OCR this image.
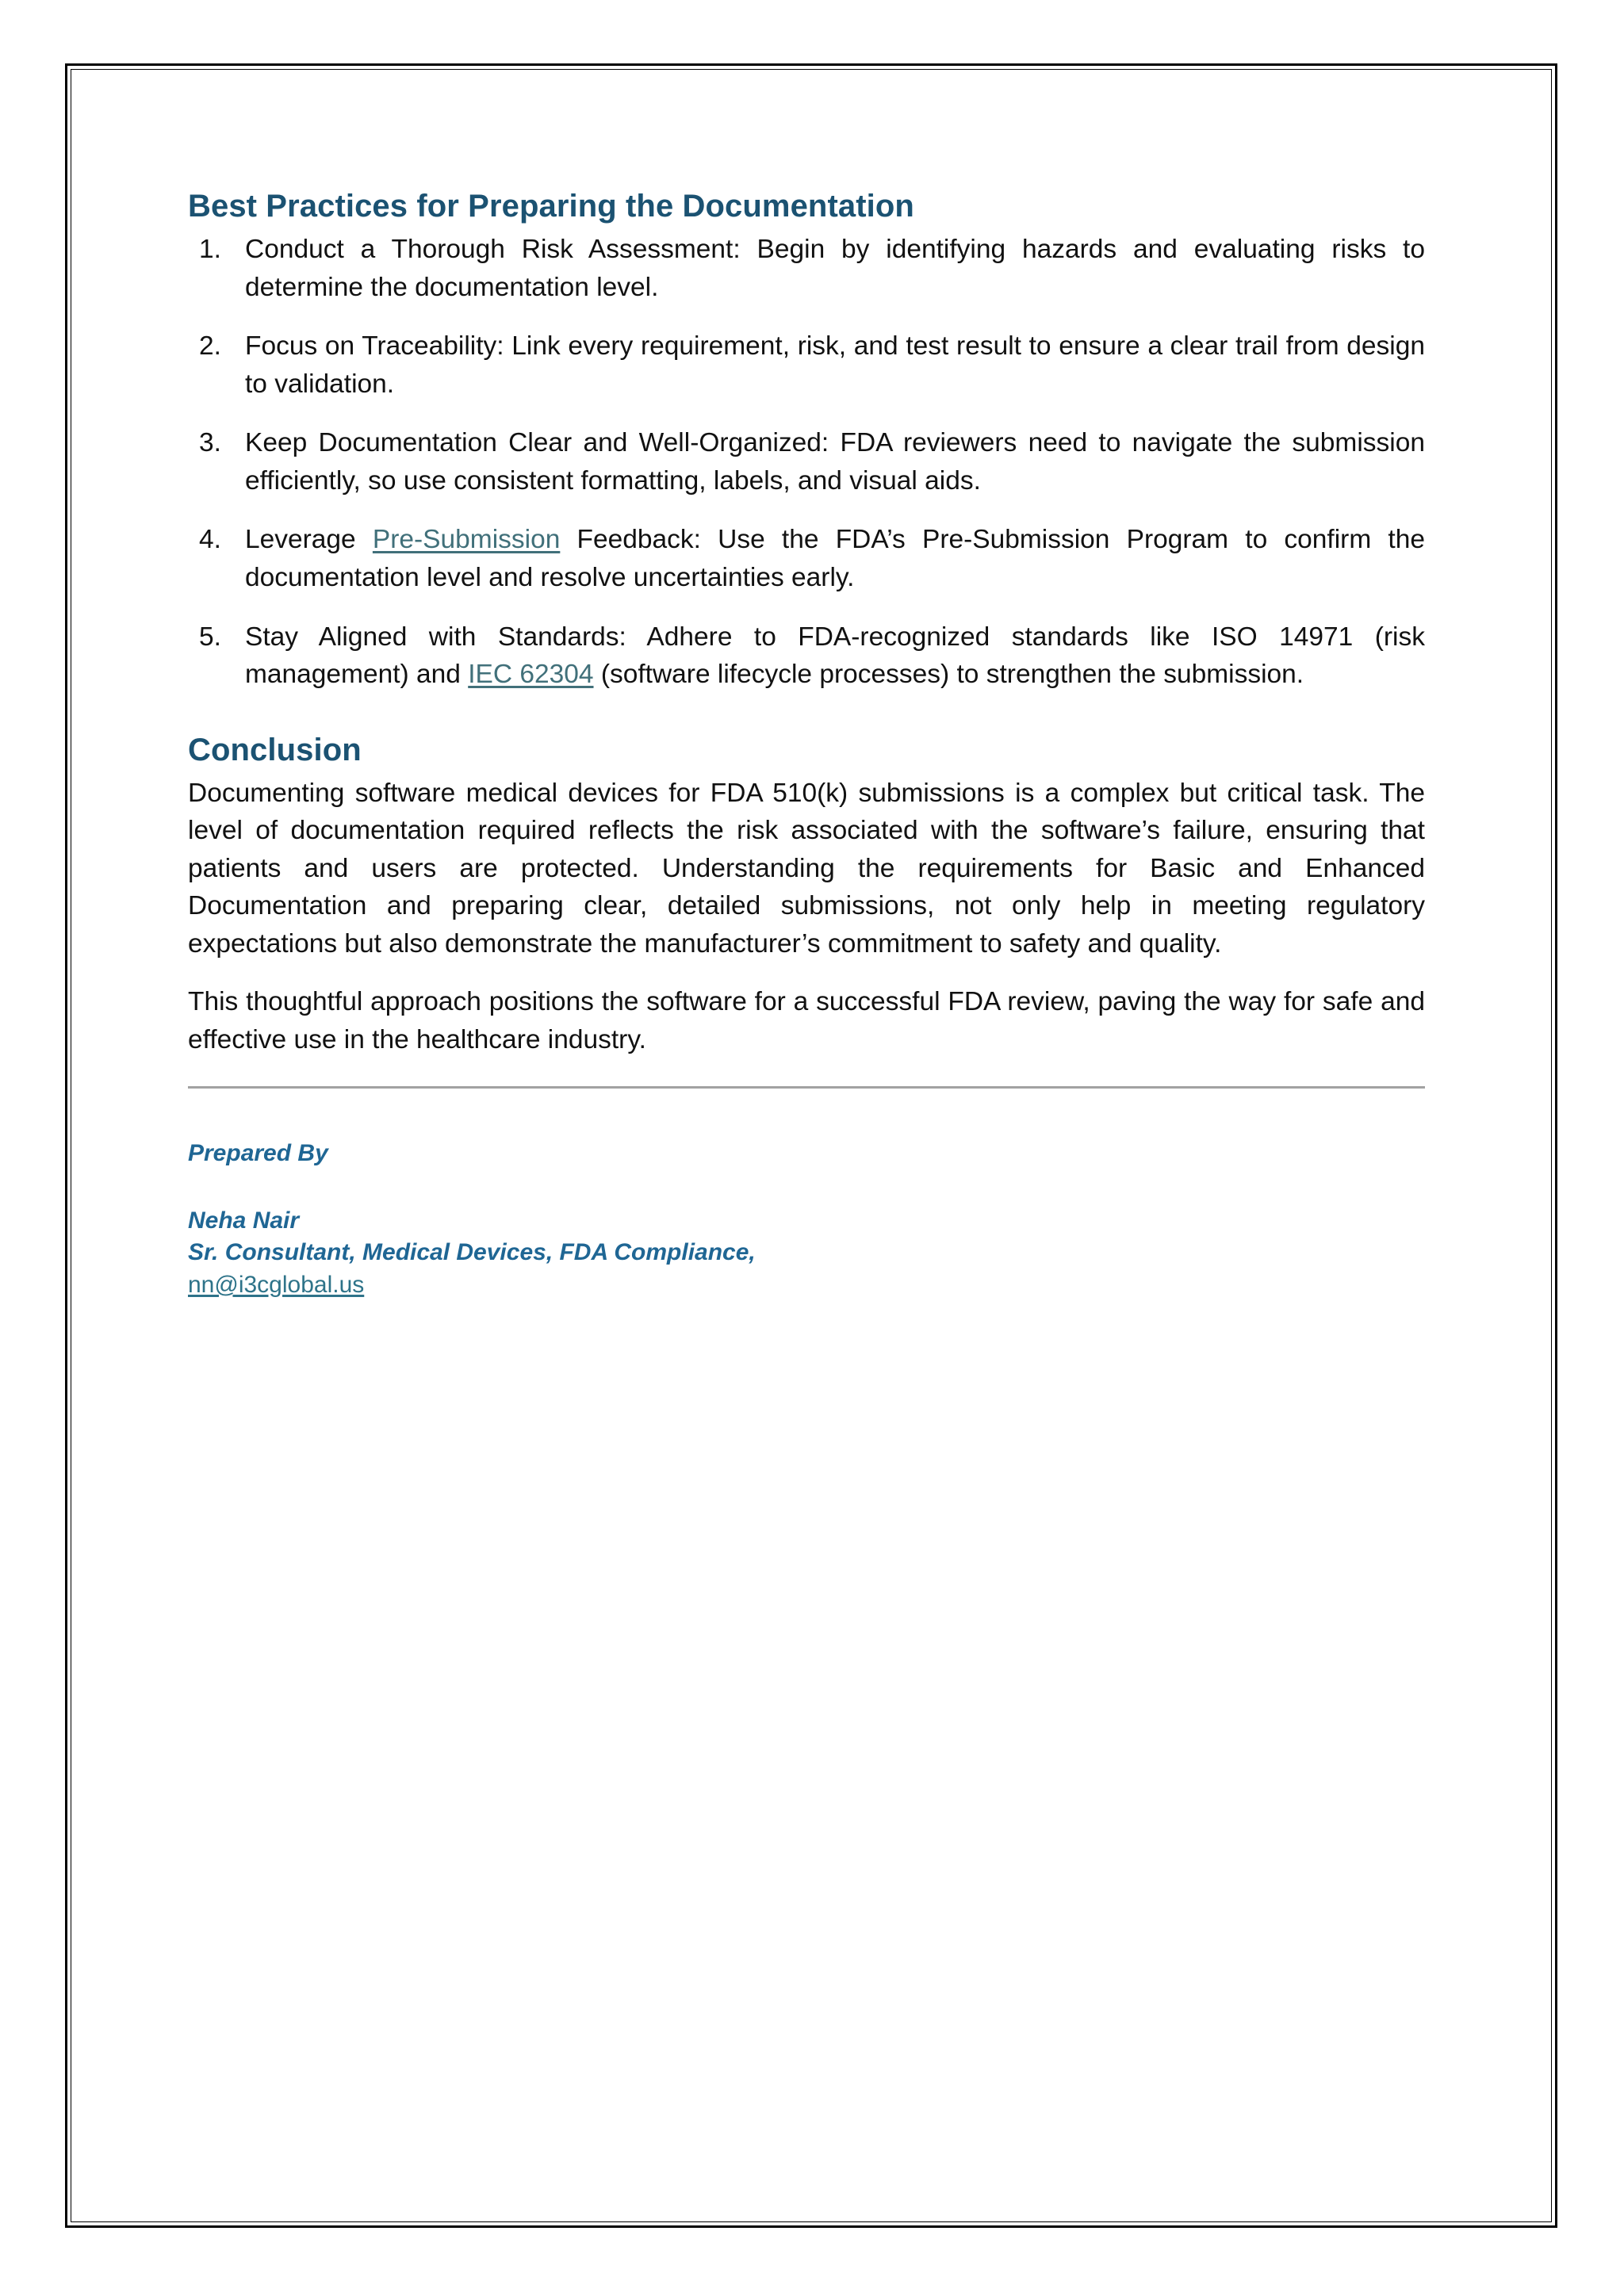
Best Practices for Preparing the Documentation
Conduct a Thorough Risk Assessment: Begin by identifying hazards and evaluating risks to determine the documentation level.
Focus on Traceability: Link every requirement, risk, and test result to ensure a clear trail from design to validation.
Keep Documentation Clear and Well-Organized: FDA reviewers need to navigate the submission efficiently, so use consistent formatting, labels, and visual aids.
Leverage Pre-Submission Feedback: Use the FDA’s Pre-Submission Program to confirm the documentation level and resolve uncertainties early.
Stay Aligned with Standards: Adhere to FDA-recognized standards like ISO 14971 (risk management) and IEC 62304 (software lifecycle processes) to strengthen the submission.
Conclusion

Documenting software medical devices for FDA 510(k) submissions is a complex but critical task. The level of documentation required reflects the risk associated with the software’s failure, ensuring that patients and users are protected. Understanding the requirements for Basic and Enhanced Documentation and preparing clear, detailed submissions, not only help in meeting regulatory expectations but also demonstrate the manufacturer’s commitment to safety and quality.

This thoughtful approach positions the software for a successful FDA review, paving the way for safe and effective use in the healthcare industry.

Prepared By

Neha Nair

Sr. Consultant, Medical Devices, FDA Compliance,

nn@i3cglobal.us
